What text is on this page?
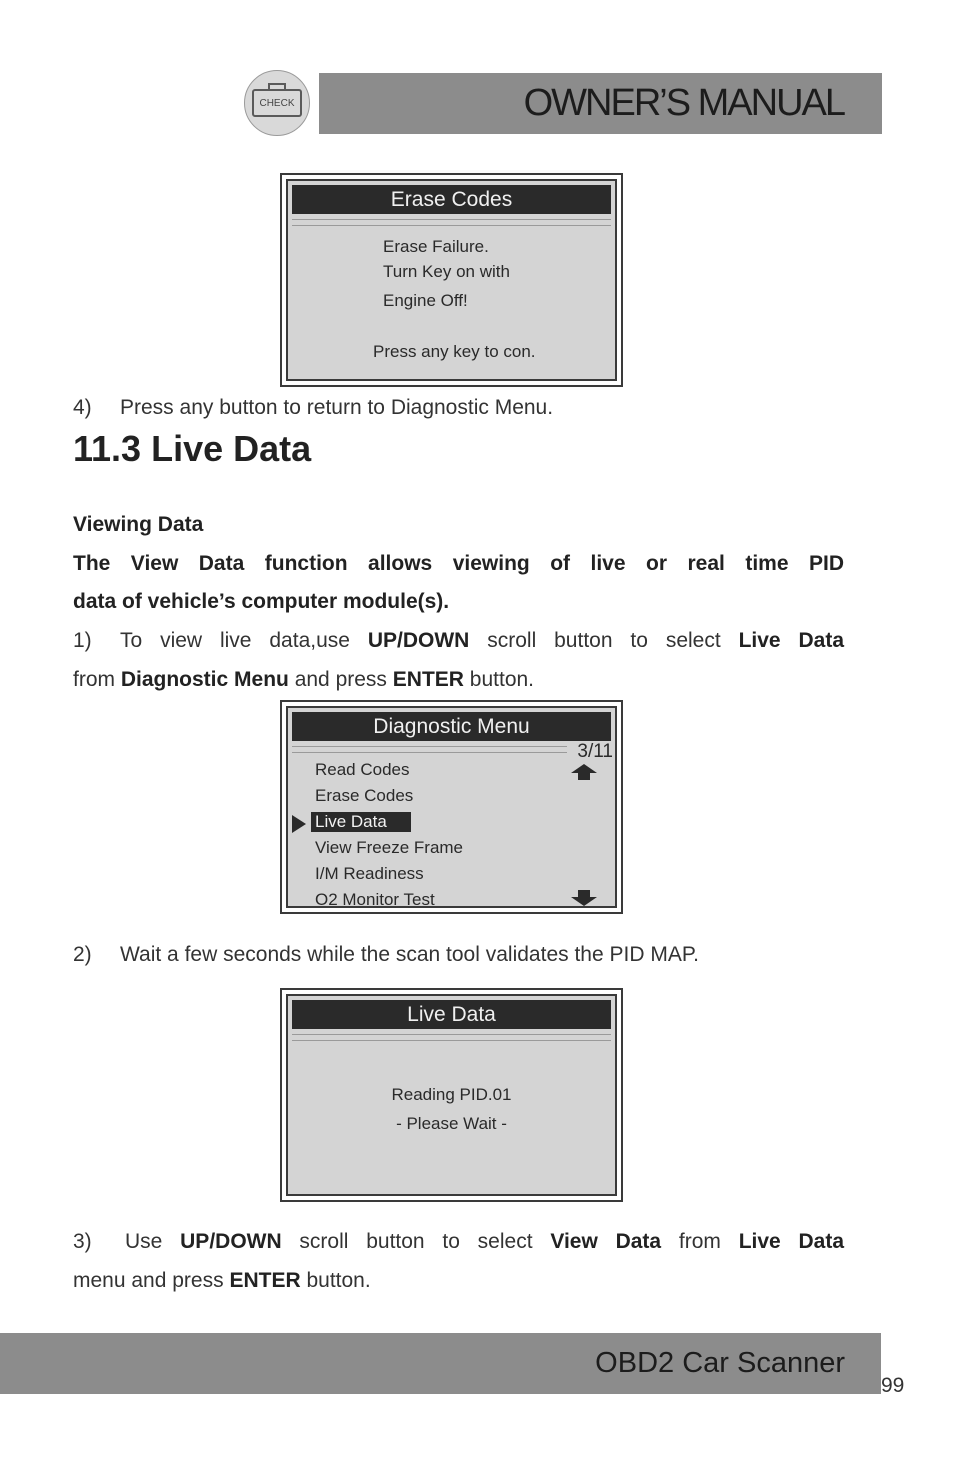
CHECK	OWNER’S MANUAL
Erase Codes
Erase Failure.
Turn Key on with
Engine Off!
Press any key to con.
4) Press any button to return to Diagnostic Menu.
11.3 Live Data
Viewing Data
The View Data function allows viewing of live or real time PID
data of vehicle’s computer module(s).
1) To view live data,use UP/DOWN scroll button to select Live Data
from Diagnostic Menu and press ENTER button.
Diagnostic Menu
3/11
Read Codes
Erase Codes
Live Data
View Freeze Frame
I/M Readiness
O2 Monitor Test
2) Wait a few seconds while the scan tool validates the PID MAP.
Live Data
Reading PID.01
- Please Wait -
3) Use UP/DOWN scroll button to select View Data from Live Data
menu and press ENTER button.
OBD2 Car Scanner
99
